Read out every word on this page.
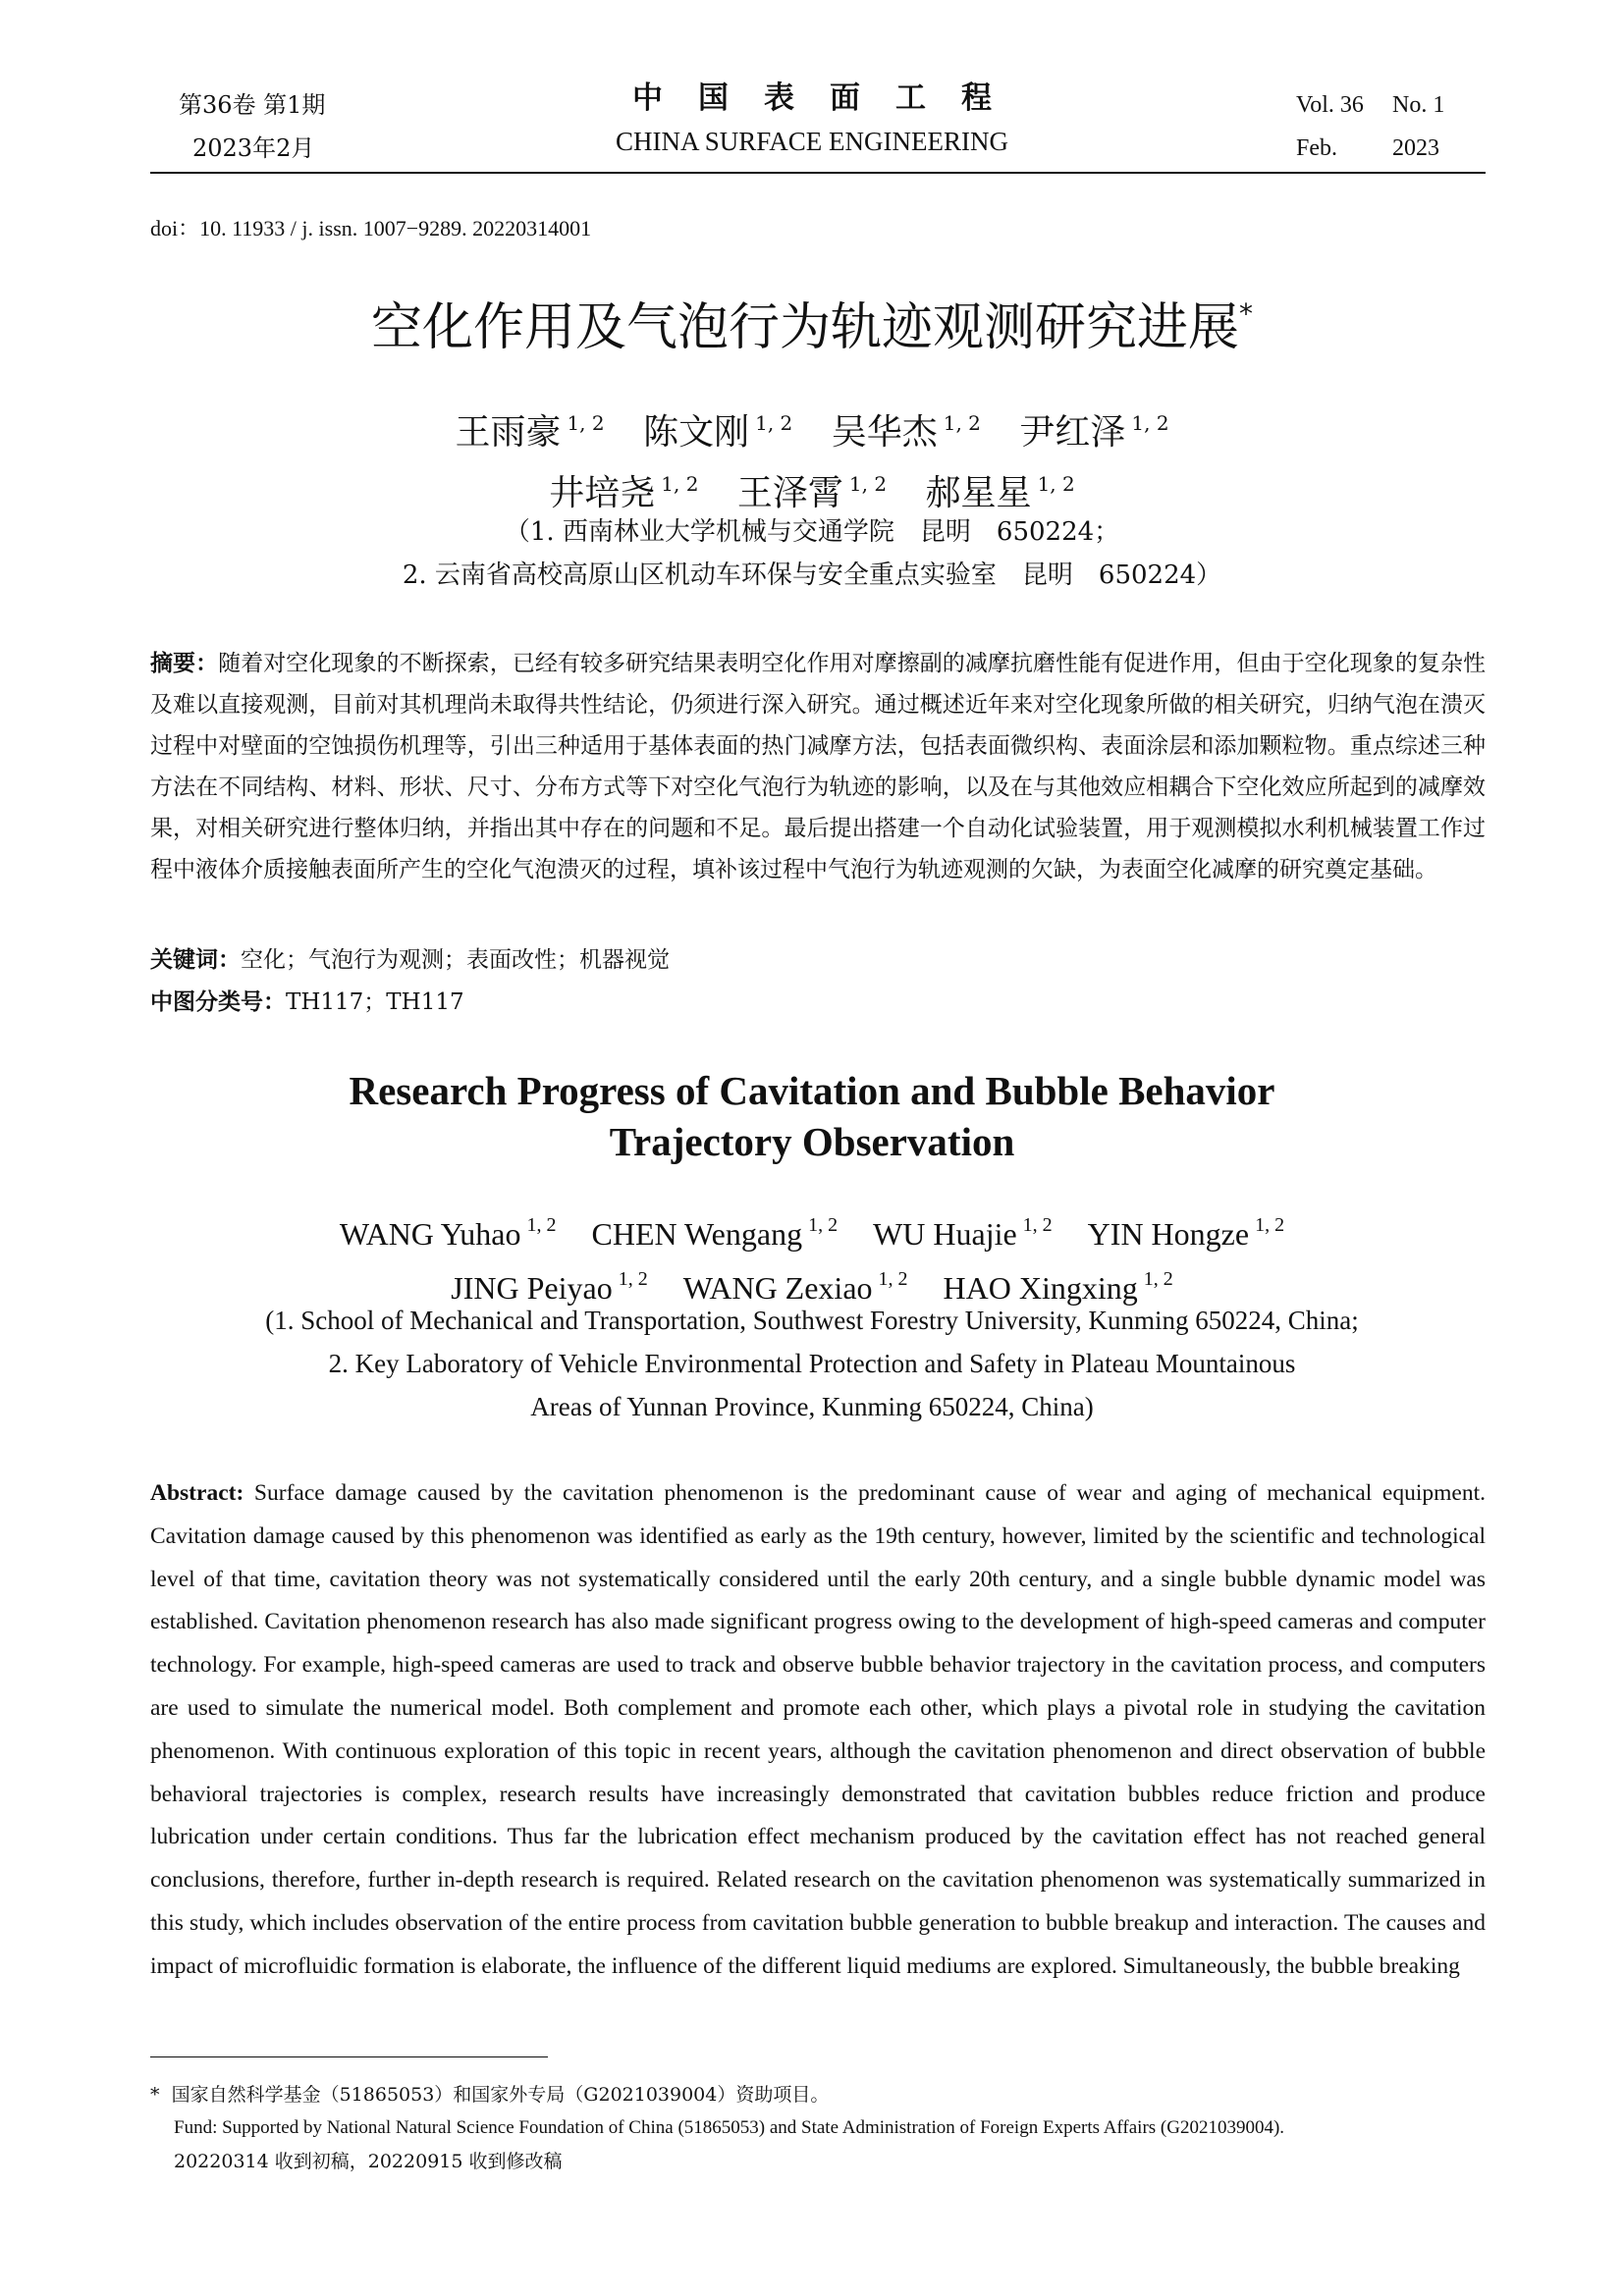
第36卷 第1期
2023年2月
中国表面工程
CHINA SURFACE ENGINEERING
Vol. 36 No. 1
Feb. 2023
doi：10. 11933 / j. issn. 1007−9289. 20220314001
空化作用及气泡行为轨迹观测研究进展*
王雨豪 $^{1, 2}$ 陈文刚 $^{1, 2}$ 吴华杰 $^{1, 2}$ 尹红泽 $^{1, 2}$
井培尧 $^{1, 2}$ 王泽霄 $^{1, 2}$ 郝星星 $^{1, 2}$
（1. 西南林业大学机械与交通学院　昆明　650224；
2. 云南省高校高原山区机动车环保与安全重点实验室　昆明　650224）
摘要：随着对空化现象的不断探索，已经有较多研究结果表明空化作用对摩擦副的减摩抗磨性能有促进作用，但由于空化现象的复杂性及难以直接观测，目前对其机理尚未取得共性结论，仍须进行深入研究。通过概述近年来对空化现象所做的相关研究，归纳气泡在溃灭过程中对壁面的空蚀损伤机理等，引出三种适用于基体表面的热门减摩方法，包括表面微织构、表面涂层和添加颗粒物。重点综述三种方法在不同结构、材料、形状、尺寸、分布方式等下对空化气泡行为轨迹的影响，以及在与其他效应相耦合下空化效应所起到的减摩效果，对相关研究进行整体归纳，并指出其中存在的问题和不足。最后提出搭建一个自动化试验装置，用于观测模拟水利机械装置工作过程中液体介质接触表面所产生的空化气泡溃灭的过程，填补该过程中气泡行为轨迹观测的欠缺，为表面空化减摩的研究奠定基础。
关键词：空化；气泡行为观测；表面改性；机器视觉
中图分类号：TH117；TH117
Research Progress of Cavitation and Bubble Behavior
Trajectory Observation
WANG Yuhao $^{1, 2}$ CHEN Wengang $^{1, 2}$ WU Huajie $^{1, 2}$ YIN Hongze $^{1, 2}$
JING Peiyao $^{1, 2}$ WANG Zexiao $^{1, 2}$ HAO Xingxing $^{1, 2}$
(1. School of Mechanical and Transportation, Southwest Forestry University, Kunming 650224, China;
2. Key Laboratory of Vehicle Environmental Protection and Safety in Plateau Mountainous
Areas of Yunnan Province, Kunming 650224, China)
Abstract: Surface damage caused by the cavitation phenomenon is the predominant cause of wear and aging of mechanical equipment. Cavitation damage caused by this phenomenon was identified as early as the 19th century, however, limited by the scientific and technological level of that time, cavitation theory was not systematically considered until the early 20th century, and a single bubble dynamic model was established. Cavitation phenomenon research has also made significant progress owing to the development of high-speed cameras and computer technology. For example, high-speed cameras are used to track and observe bubble behavior trajectory in the cavitation process, and computers are used to simulate the numerical model. Both complement and promote each other, which plays a pivotal role in studying the cavitation phenomenon. With continuous exploration of this topic in recent years, although the cavitation phenomenon and direct observation of bubble behavioral trajectories is complex, research results have increasingly demonstrated that cavitation bubbles reduce friction and produce lubrication under certain conditions. Thus far the lubrication effect mechanism produced by the cavitation effect has not reached general conclusions, therefore, further in-depth research is required. Related research on the cavitation phenomenon was systematically summarized in this study, which includes observation of the entire process from cavitation bubble generation to bubble breakup and interaction. The causes and impact of microfluidic formation is elaborate, the influence of the different liquid mediums are explored. Simultaneously, the bubble breaking
* 国家自然科学基金（51865053）和国家外专局（G2021039004）资助项目。
Fund: Supported by National Natural Science Foundation of China (51865053) and State Administration of Foreign Experts Affairs (G2021039004).
20220314 收到初稿，20220915 收到修改稿
